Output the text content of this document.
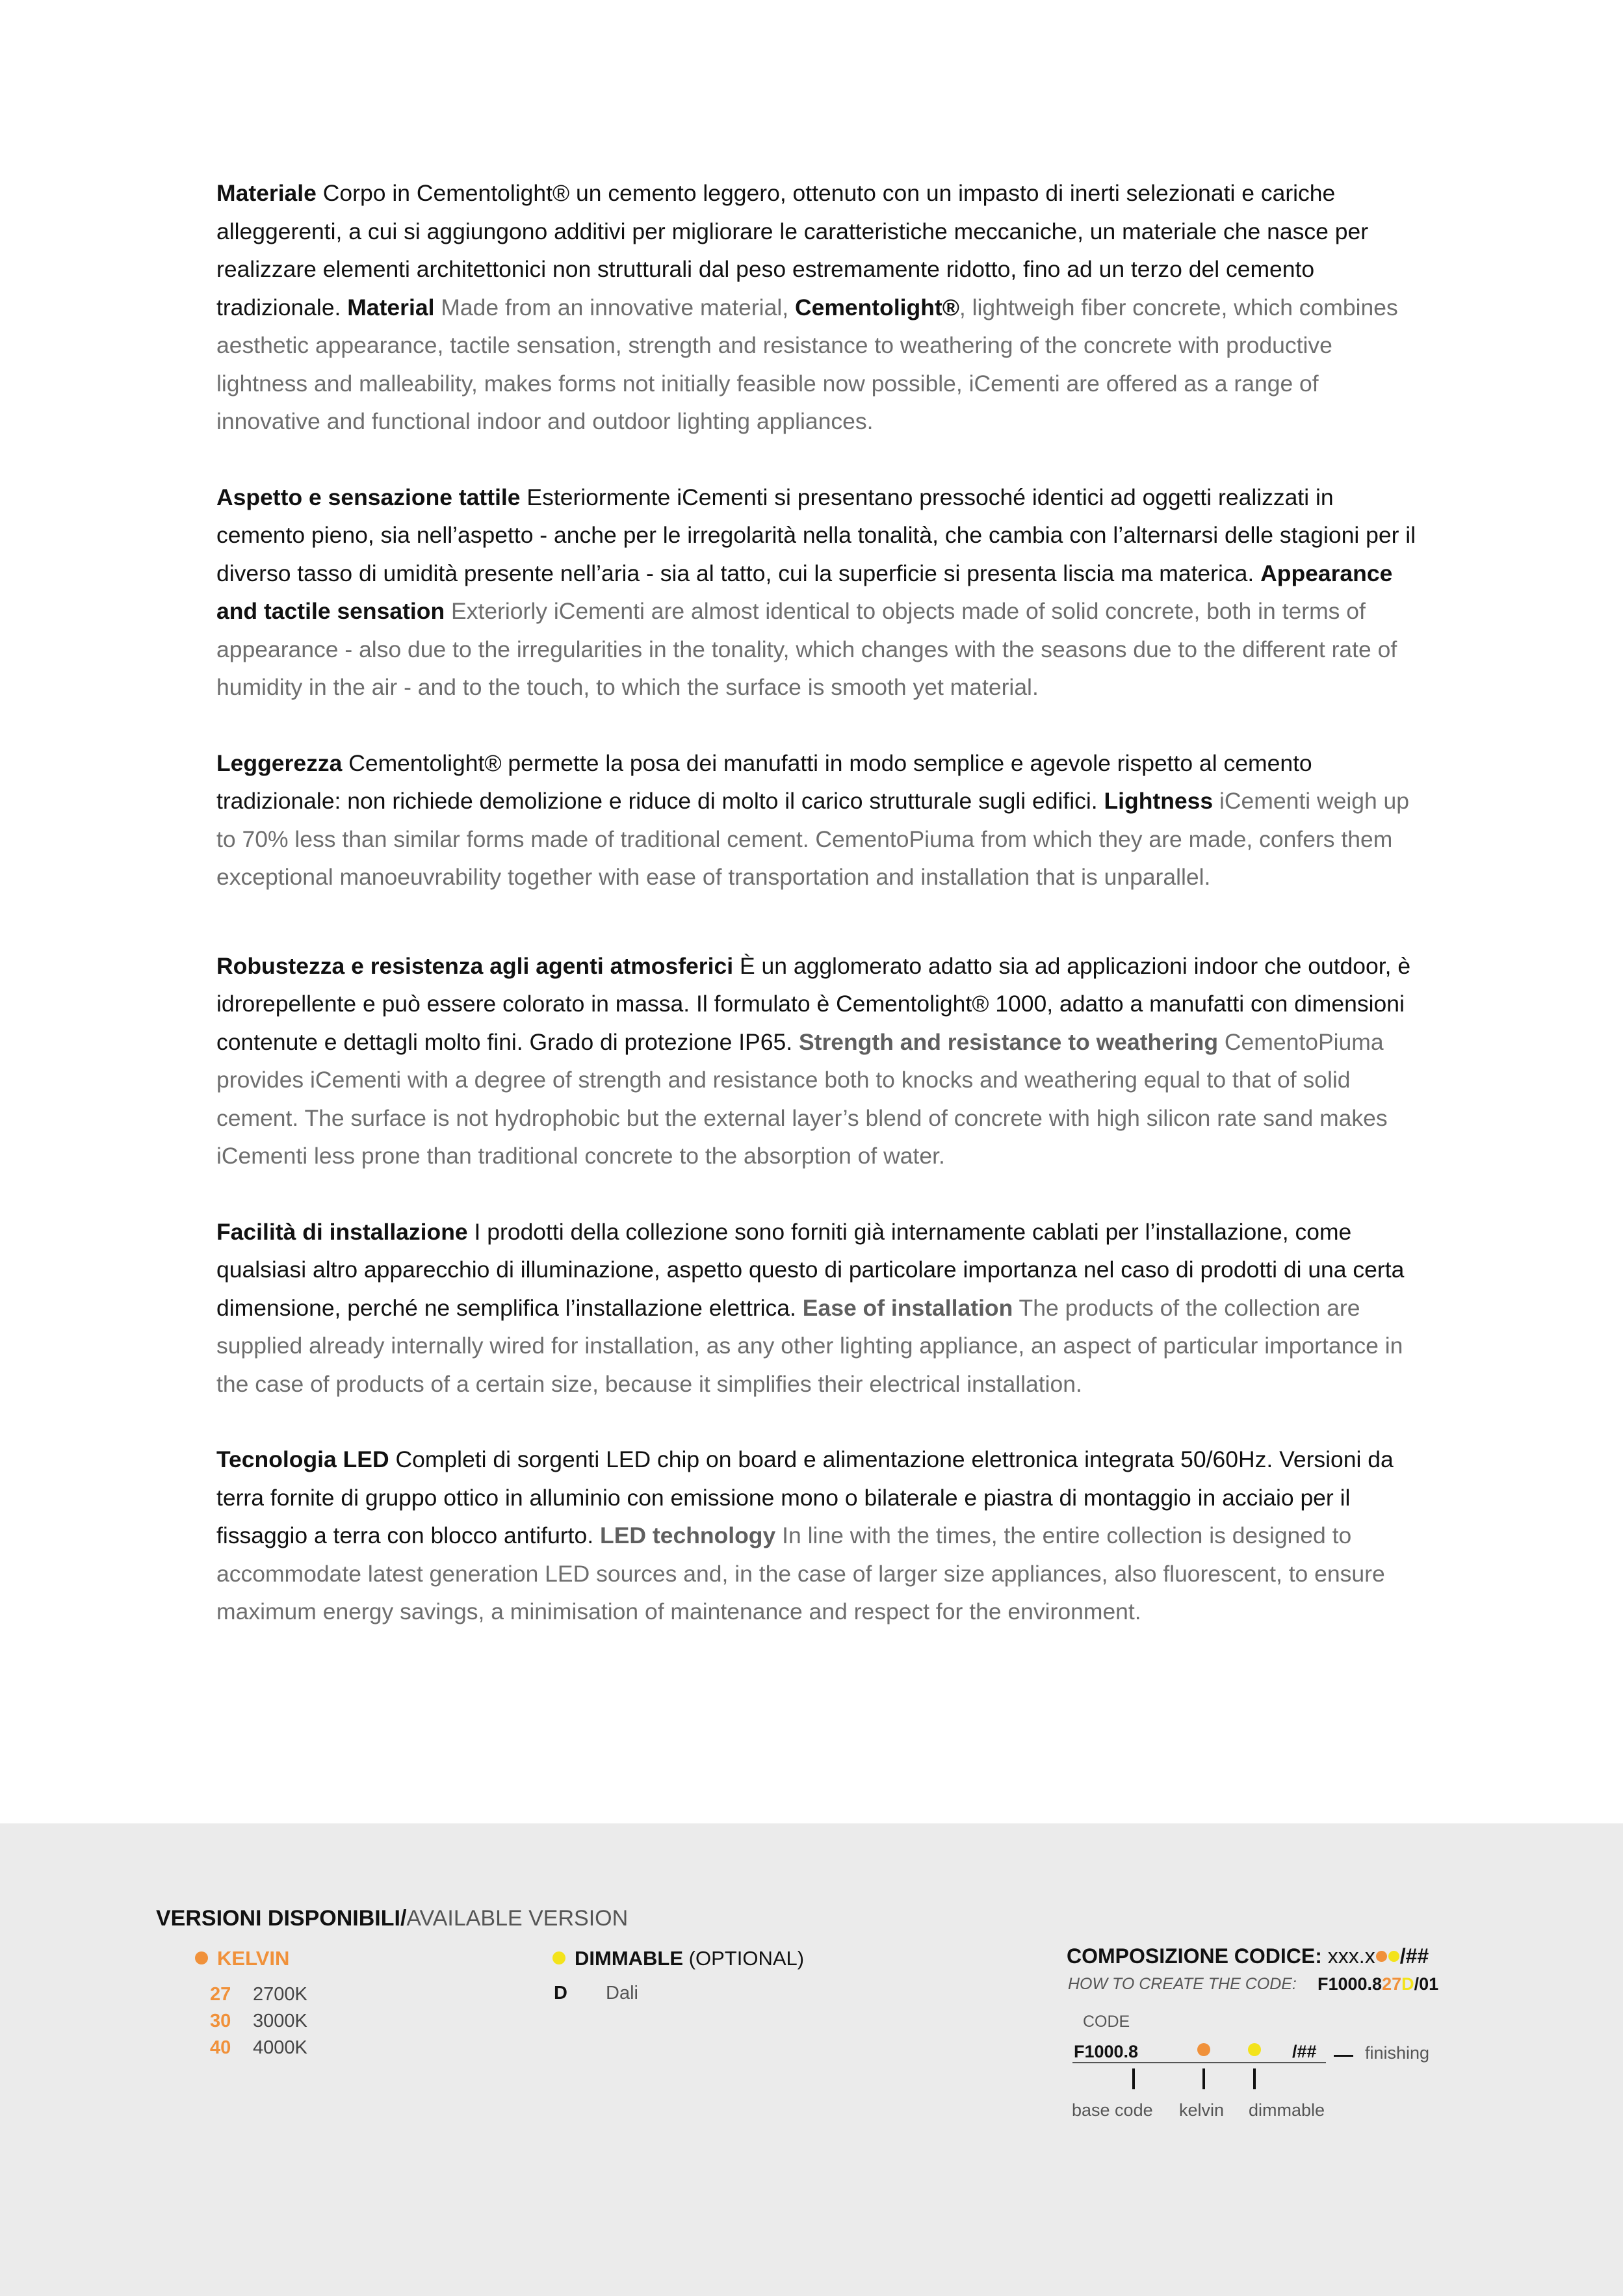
Materiale Corpo in Cementolight® un cemento leggero, ottenuto con un impasto di inerti selezionati e cariche alleggerenti, a cui si aggiungono additivi per migliorare le caratteristiche meccaniche, un materiale che nasce per realizzare elementi architettonici non strutturali dal peso estremamente ridotto, fino ad un terzo del cemento tradizionale. Material Made from an innovative material, Cementolight®, lightweigh fiber concrete, which combines aesthetic appearance, tactile sensation, strength and resistance to weathering of the concrete with productive lightness and malleability, makes forms not initially feasible now possible, iCementi are offered as a range of innovative and functional indoor and outdoor lighting appliances.

Aspetto e sensazione tattile Esteriormente iCementi si presentano pressoché identici ad oggetti realizzati in cemento pieno, sia nell’aspetto - anche per le irregolarità nella tonalità, che cambia con l’alternarsi delle stagioni per il diverso tasso di umidità presente nell’aria - sia al tatto, cui la superficie si presenta liscia ma materica. Appearance and tactile sensation Exteriorly iCementi are almost identical to objects made of solid concrete, both in terms of appearance - also due to the irregularities in the tonality, which changes with the seasons due to the different rate of humidity in the air - and to the touch, to which the surface is smooth yet material.

Leggerezza Cementolight® permette la posa dei manufatti in modo semplice e agevole rispetto al cemento tradizionale: non richiede demolizione e riduce di molto il carico strutturale sugli edifici. Lightness iCementi weigh up to 70% less than similar forms made of traditional cement. CementoPiuma from which they are made, confers them exceptional manoeuvrability together with ease of transportation and installation that is unparallel.

Robustezza e resistenza agli agenti atmosferici È un agglomerato adatto sia ad applicazioni indoor che outdoor, è idrorepellente e può essere colorato in massa. Il formulato è Cementolight® 1000, adatto a manufatti con dimensioni contenute e dettagli molto fini. Grado di protezione IP65. Strength and resistance to weathering CementoPiuma provides iCementi with a degree of strength and resistance both to knocks and weathering equal to that of solid cement. The surface is not hydrophobic but the external layer’s blend of concrete with high silicon rate sand makes iCementi less prone than traditional concrete to the absorption of water.

Facilità di installazione I prodotti della collezione sono forniti già internamente cablati per l’installazione, come qualsiasi altro apparecchio di illuminazione, aspetto questo di particolare importanza nel caso di prodotti di una certa dimensione, perché ne semplifica l’installazione elettrica. Ease of installation The products of the collection are supplied already internally wired for installation, as any other lighting appliance, an aspect of particular importance in the case of products of a certain size, because it simplifies their electrical installation.

Tecnologia LED Completi di sorgenti LED chip on board e alimentazione elettronica integrata 50/60Hz. Versioni da terra fornite di gruppo ottico in alluminio con emissione mono o bilaterale e piastra di montaggio in acciaio per il fissaggio a terra con blocco antifurto. LED technology In line with the times, the entire collection is designed to accommodate latest generation LED sources and, in the case of larger size appliances, also fluorescent, to ensure maximum energy savings, a minimisation of maintenance and respect for the environment.

VERSIONI DISPONIBILI/AVAILABLE VERSION
KELVIN
27 2700K
30 3000K
40 4000K
DIMMABLE (OPTIONAL)
D Dali
COMPOSIZIONE CODICE: xxx.x /##
HOW TO CREATE THE CODE: F1000.827D/01
CODE
F1000.8	/##	finishing
base code kelvin dimmable
